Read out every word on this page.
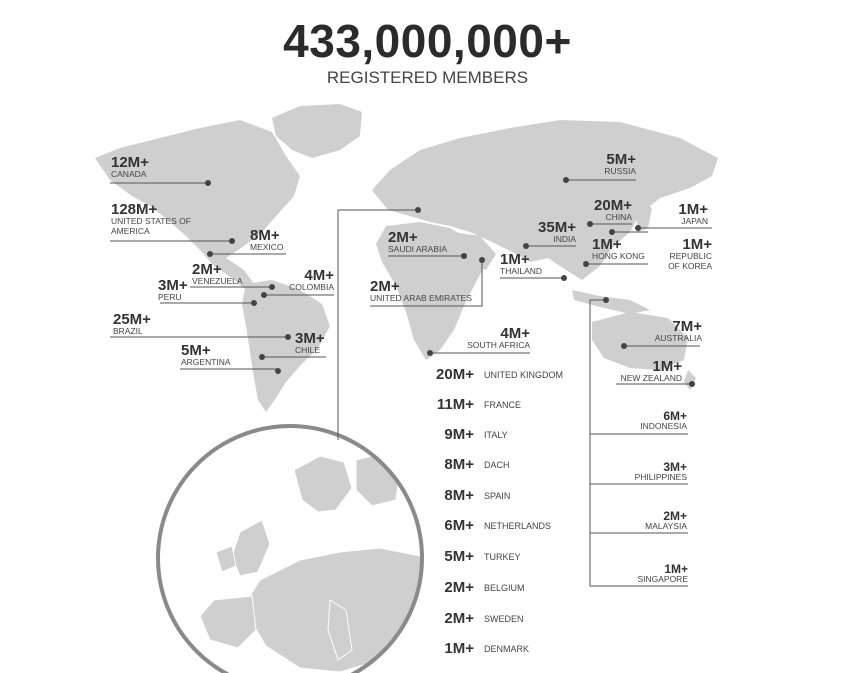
433,000,000+
REGISTERED MEMBERS
12M+
CANADA
128M+
UNITED STATES OF AMERICA	8M+
MEXICO
2M+
VENEZUELA
3M+
PERU
4M+
COLOMBIA
25M+
BRAZIL	3M+
CHILE
5M+
ARGENTINA
2M+
SAUDI ARABIA
2M+
UNITED ARAB EMIRATES
4M+
SOUTH AFRICA
5M+
RUSSIA
20M+
CHINA	1M+
JAPAN
35M+
INDIA 1M+
HONG KONG
1M+
REPUBLIC OF KOREA
1M+
THAILAND
7M+
AUSTRALIA
1M+
NEW ZEALAND
6M+
INDONESIA
3M+
PHILIPPINES
2M+
MALAYSIA
1M+
SINGAPORE
20M+ UNITED KINGDOM
11M+ FRANCE
9M+ ITALY
8M+ DACH
8M+ SPAIN
6M+ NETHERLANDS
5M+ TURKEY
2M+ BELGIUM
2M+ SWEDEN
1M+ DENMARK
